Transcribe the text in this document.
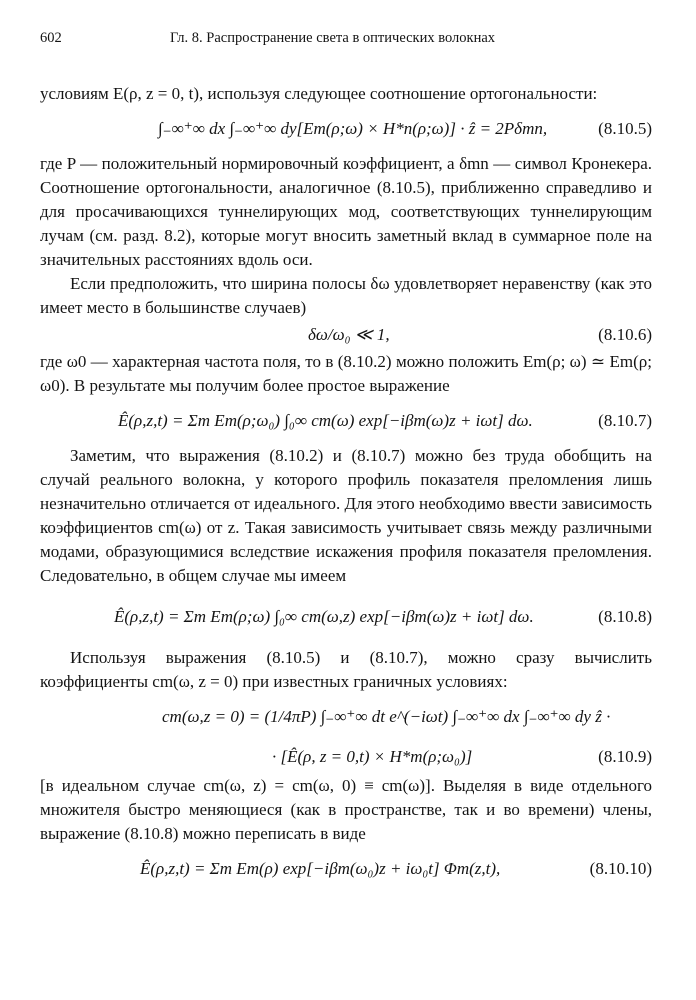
602	Гл. 8. Распространение света в оптических волокнах

условиям E(ρ, z = 0, t), используя следующее соотношение ортогональности:

∫₋∞⁺∞ dx ∫₋∞⁺∞ dy[Em(ρ;ω) × H*n(ρ;ω)] · ẑ = 2Pδmn,	(8.10.5)

где P — положительный нормировочный коэффициент, а δmn — символ Кронекера. Соотношение ортогональности, аналогичное (8.10.5), приближенно справедливо и для просачивающихся туннелирующих мод, соответствующих туннелирующим лучам (см. разд. 8.2), которые могут вносить заметный вклад в суммарное поле на значительных расстояниях вдоль оси.

Если предположить, что ширина полосы δω удовлетворяет неравенству (как это имеет место в большинстве случаев)

δω/ω₀ ≪ 1,	(8.10.6)

где ω0 — характерная частота поля, то в (8.10.2) можно положить Em(ρ; ω) ≃ Em(ρ; ω0). В результате мы получим более простое выражение

Ê(ρ,z,t) = Σm Em(ρ;ω₀) ∫₀∞ cm(ω) exp[−iβm(ω)z + iωt] dω.	(8.10.7)

Заметим, что выражения (8.10.2) и (8.10.7) можно без труда обобщить на случай реального волокна, у которого профиль показателя преломления лишь незначительно отличается от идеального. Для этого необходимо ввести зависимость коэффициентов cm(ω) от z. Такая зависимость учитывает связь между различными модами, образующимися вследствие искажения профиля показателя преломления. Следовательно, в общем случае мы имеем

Ê(ρ,z,t) = Σm Em(ρ;ω) ∫₀∞ cm(ω,z) exp[−iβm(ω)z + iωt] dω.	(8.10.8)

Используя выражения (8.10.5) и (8.10.7), можно сразу вычислить коэффициенты cm(ω, z = 0) при известных граничных условиях:

cm(ω,z = 0) = (1/4πP) ∫₋∞⁺∞ dt e^(−iωt) ∫₋∞⁺∞ dx ∫₋∞⁺∞ dy ẑ ·
· [Ê(ρ, z = 0,t) × H*m(ρ;ω₀)]	(8.10.9)

[в идеальном случае cm(ω, z) = cm(ω, 0) ≡ cm(ω)]. Выделяя в виде отдельного множителя быстро меняющиеся (как в пространстве, так и во времени) члены, выражение (8.10.8) можно переписать в виде

Ê(ρ,z,t) = Σm Em(ρ) exp[−iβm(ω₀)z + iω₀t] Φm(z,t),	(8.10.10)
